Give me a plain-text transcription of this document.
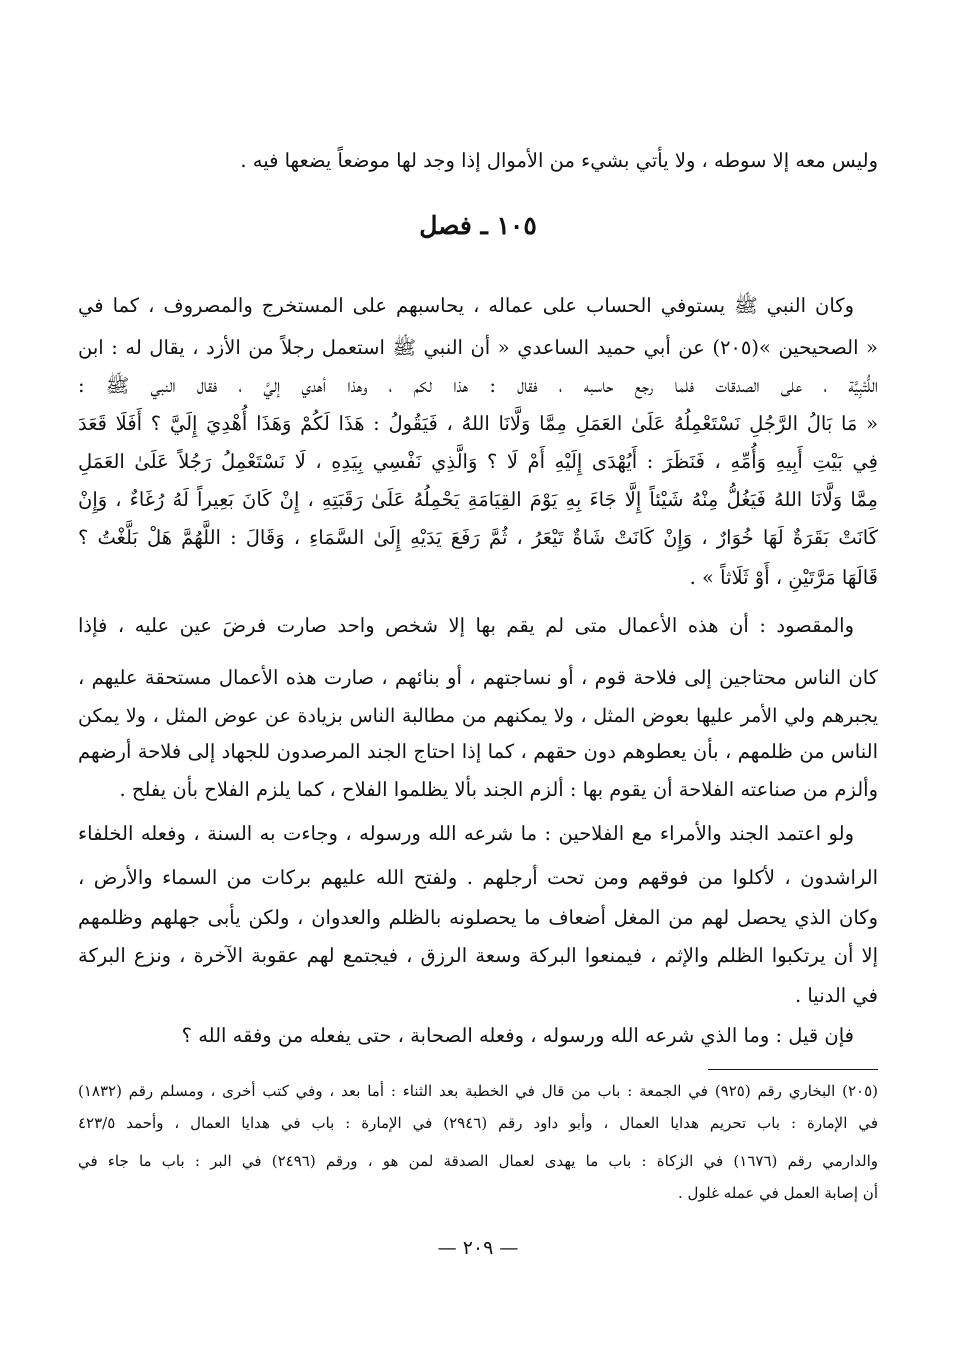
وليس معه إلا سوطه ، ولا يأتي بشيء من الأموال إذا وجد لها موضعاً يضعها فيه .
١٠٥ ـ فصل
وكان النبي ﷺ يستوفي الحساب على عماله ، يحاسبهم على المستخرج والمصروف ، كما في
« الصحيحين »(٢٠٥) عن أبي حميد الساعدي « أن النبي ﷺ استعمل رجلاً من الأزد ، يقال له : ابن
اللُّتْبِيَّة ، على الصدقات فلما رجع حاسبه ، فقال : هذا لكم ، وهذا أهدي إليَّ ، فقال النبي ﷺ :
« مَا بَالُ الرَّجُلِ نَسْتَعْمِلُهُ عَلَىٰ العَمَلِ مِمَّا وَلَّانَا اللهُ ، فَيَقُولُ : هَذَا لَكُمْ وَهَذَا أُهْدِيَ إِلَيَّ ؟ أَفَلَا قَعَدَ
فِي بَيْتِ أَبِيهِ وَأُمِّهِ ، فَنَظَرَ : أَيُهْدَى إِلَيْهِ أَمْ لَا ؟ وَالَّذِي نَفْسِي بِيَدِهِ ، لَا نَسْتَعْمِلُ رَجُلاً عَلَىٰ العَمَلِ
مِمَّا وَلَّانَا اللهُ فَيَغُلُّ مِنْهُ شَيْئاً إِلَّا جَاءَ بِهِ يَوْمَ القِيَامَةِ يَحْمِلُهُ عَلَىٰ رَقَبَتِهِ ، إِنْ كَانَ بَعِيراً لَهُ رُغَاءٌ ، وَإِنْ
كَانَتْ بَقَرَةٌ لَهَا خُوَارٌ ، وَإِنْ كَانَتْ شَاةٌ تَيْعَرُ ، ثُمَّ رَفَعَ يَدَيْهِ إِلَىٰ السَّمَاءِ ، وَقَالَ : اللَّهُمَّ هَلْ بَلَّغْتُ ؟
قَالَهَا مَرَّتَيْنِ ، أَوْ ثَلَاثاً » .
والمقصود : أن هذه الأعمال متى لم يقم بها إلا شخص واحد صارت فرضَ عين عليه ، فإذا
كان الناس محتاجين إلى فلاحة قوم ، أو نساجتهم ، أو بنائهم ، صارت هذه الأعمال مستحقة عليهم ،
يجبرهم ولي الأمر عليها بعوض المثل ، ولا يمكنهم من مطالبة الناس بزيادة عن عوض المثل ، ولا يمكن
الناس من ظلمهم ، بأن يعطوهم دون حقهم ، كما إذا احتاج الجند المرصدون للجهاد إلى فلاحة أرضهم
وألزم من صناعته الفلاحة أن يقوم بها : ألزم الجند بألا يظلموا الفلاح ، كما يلزم الفلاح بأن يفلح .
ولو اعتمد الجند والأمراء مع الفلاحين : ما شرعه الله ورسوله ، وجاءت به السنة ، وفعله الخلفاء
الراشدون ، لأكلوا من فوقهم ومن تحت أرجلهم . ولفتح الله عليهم بركات من السماء والأرض ،
وكان الذي يحصل لهم من المغل أضعاف ما يحصلونه بالظلم والعدوان ، ولكن يأبى جهلهم وظلمهم
إلا أن يرتكبوا الظلم والإثم ، فيمنعوا البركة وسعة الرزق ، فيجتمع لهم عقوبة الآخرة ، ونزع البركة
في الدنيا .
فإن قيل : وما الذي شرعه الله ورسوله ، وفعله الصحابة ، حتى يفعله من وفقه الله ؟
(٢٠٥) البخاري رقم (٩٢٥) في الجمعة : باب من قال في الخطبة بعد الثناء : أما بعد ، وفي كتب أخرى ، ومسلم رقم (١٨٣٢)
في الإمارة : باب تحريم هدايا العمال ، وأبو داود رقم (٢٩٤٦) في الإمارة : باب في هدايا العمال ، وأحمد ٤٢٣/٥
والدارمي رقم (١٦٧٦) في الزكاة : باب ما يهدى لعمال الصدقة لمن هو ، ورقم (٢٤٩٦) في البر : باب ما جاء في
أن إصابة العمل في عمله غلول .
— ٢٠٩ —
